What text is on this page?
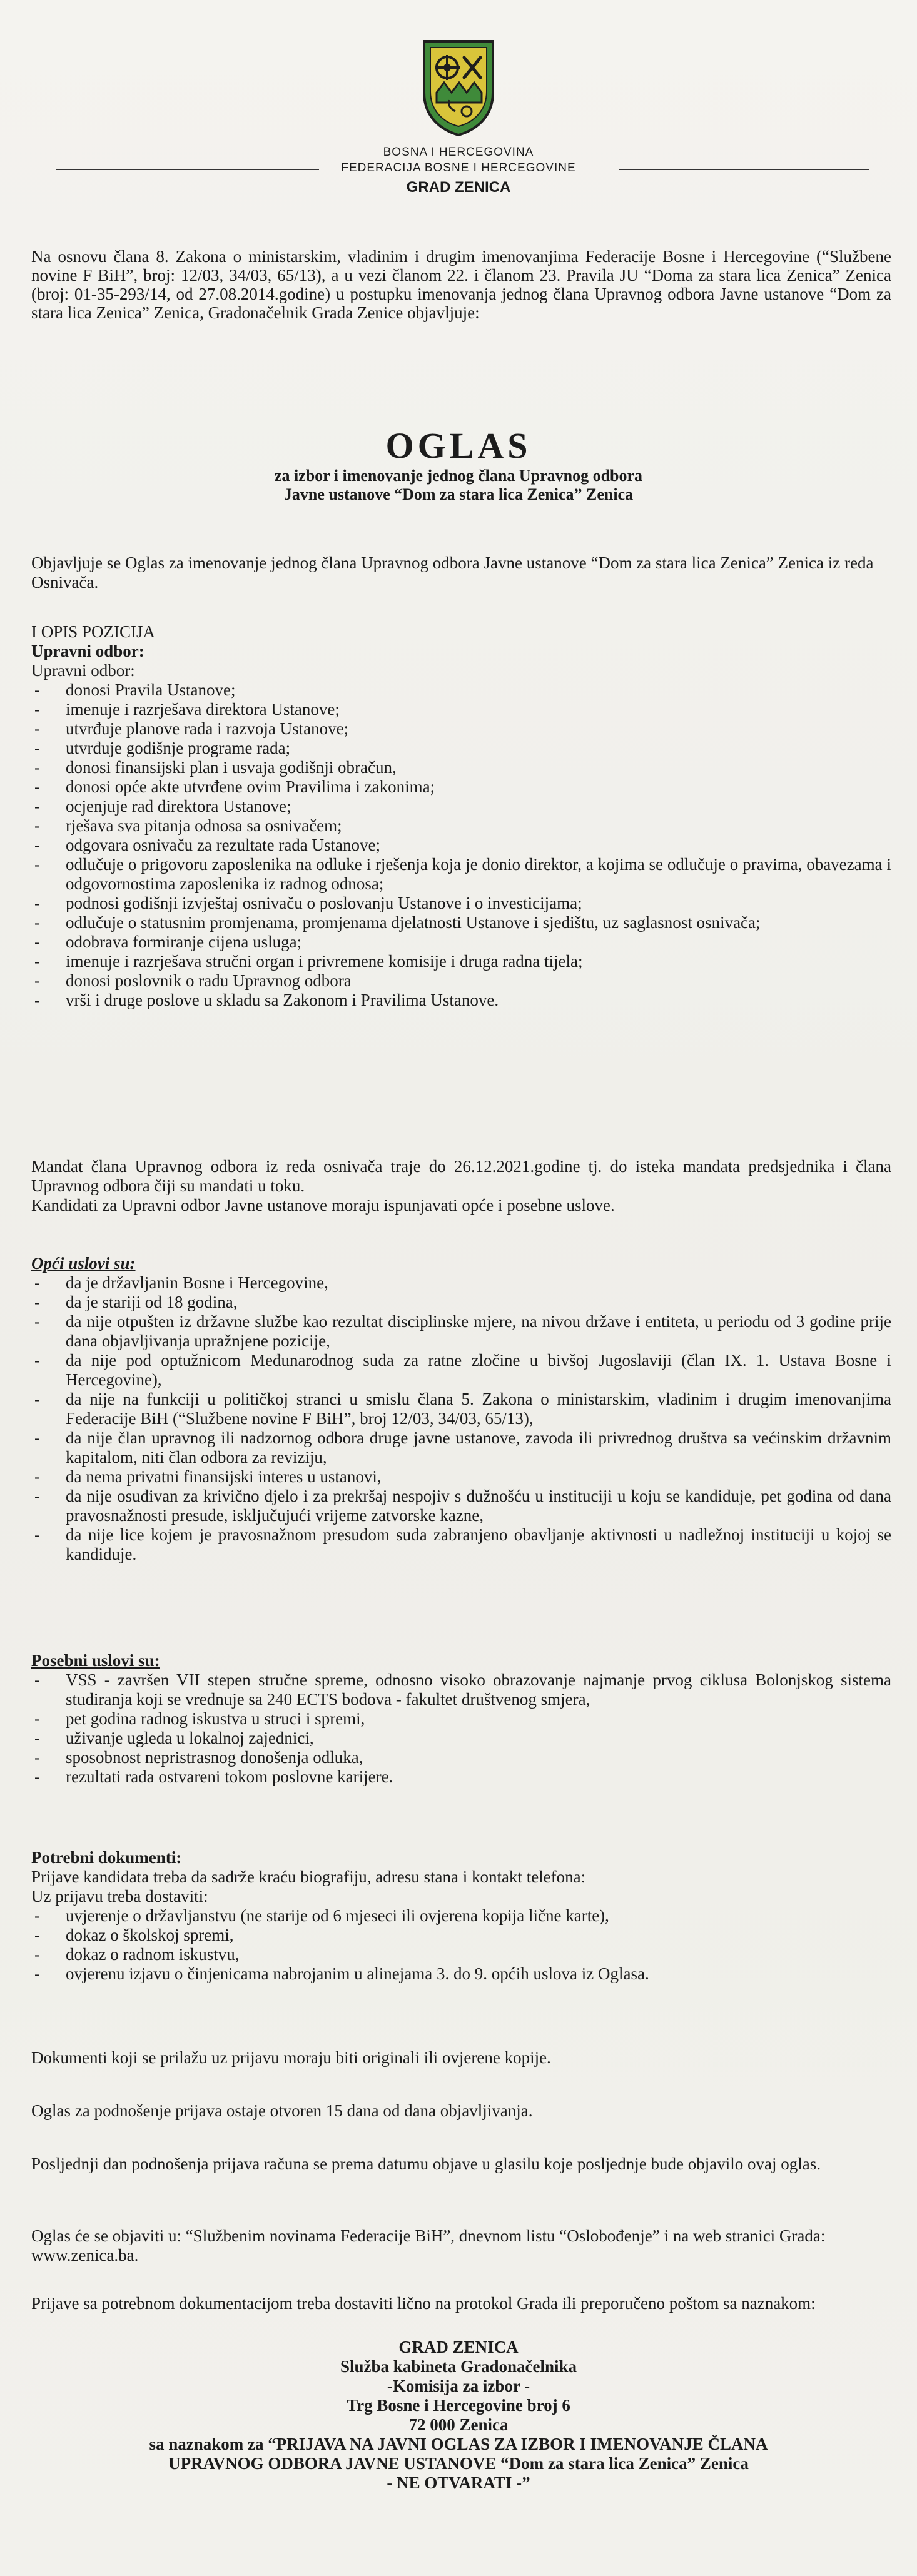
BOSNA I HERCEGOVINA
FEDERACIJA BOSNE I HERCEGOVINE
GRAD ZENICA

Na osnovu člana 8. Zakona o ministarskim, vladinim i drugim imenovanjima Federacije Bosne i Hercegovine (“Službene novine F BiH”, broj: 12/03, 34/03, 65/13), a u vezi članom 22. i članom 23. Pravila JU “Doma za stara lica Zenica” Zenica (broj: 01-35-293/14, od 27.08.2014.godine) u postupku imenovanja jednog člana Upravnog odbora Javne ustanove “Dom za stara lica Zenica” Zenica, Gradonačelnik Grada Zenice objavljuje:

OGLAS
za izbor i imenovanje jednog člana Upravnog odbora
Javne ustanove “Dom za stara lica Zenica” Zenica

Objavljuje se Oglas za imenovanje jednog člana Upravnog odbora Javne ustanove “Dom za stara lica Zenica” Zenica iz reda Osnivača.

I OPIS POZICIJA

Upravni odbor:

Upravni odbor:

- donosi Pravila Ustanove;
- imenuje i razrješava direktora Ustanove;
- utvrđuje planove rada i razvoja Ustanove;
- utvrđuje godišnje programe rada;
- donosi finansijski plan i usvaja godišnji obračun,
- donosi opće akte utvrđene ovim Pravilima i zakonima;
- ocjenjuje rad direktora Ustanove;
- rješava sva pitanja odnosa sa osnivačem;
- odgovara osnivaču za rezultate rada Ustanove;
- odlučuje o prigovoru zaposlenika na odluke i rješenja koja je donio direktor, a kojima se odlučuje o pravima, obavezama i odgovornostima zaposlenika iz radnog odnosa;
- podnosi godišnji izvještaj osnivaču o poslovanju Ustanove i o investicijama;
- odlučuje o statusnim promjenama, promjenama djelatnosti Ustanove i sjedištu, uz saglasnost osnivača;
- odobrava formiranje cijena usluga;
- imenuje i razrješava stručni organ i privremene komisije i druga radna tijela;
- donosi poslovnik o radu Upravnog odbora
- vrši i druge poslove u skladu sa Zakonom i Pravilima Ustanove.

Mandat člana Upravnog odbora iz reda osnivača traje do 26.12.2021.godine tj. do isteka mandata predsjednika i člana Upravnog odbora čiji su mandati u toku.

Kandidati za Upravni odbor Javne ustanove moraju ispunjavati opće i posebne uslove.

Opći uslovi su:

- da je državljanin Bosne i Hercegovine,
- da je stariji od 18 godina,
- da nije otpušten iz državne službe kao rezultat disciplinske mjere, na nivou države i entiteta, u periodu od 3 godine prije dana objavljivanja upražnjene pozicije,
- da nije pod optužnicom Međunarodnog suda za ratne zločine u bivšoj Jugoslaviji (član IX. 1. Ustava Bosne i Hercegovine),
- da nije na funkciji u političkoj stranci u smislu člana 5. Zakona o ministarskim, vladinim i drugim imenovanjima Federacije BiH (“Službene novine F BiH”, broj 12/03, 34/03, 65/13),
- da nije član upravnog ili nadzornog odbora druge javne ustanove, zavoda ili privrednog društva sa većinskim državnim kapitalom, niti član odbora za reviziju,
- da nema privatni finansijski interes u ustanovi,
- da nije osuđivan za krivično djelo i za prekršaj nespojiv s dužnošću u instituciji u koju se kandiduje, pet godina od dana pravosnažnosti presude, isključujući vrijeme zatvorske kazne,
- da nije lice kojem je pravosnažnom presudom suda zabranjeno obavljanje aktivnosti u nadležnoj instituciji u kojoj se kandiduje.

Posebni uslovi su:

- VSS - završen VII stepen stručne spreme, odnosno visoko obrazovanje najmanje prvog ciklusa Bolonjskog sistema studiranja koji se vrednuje sa 240 ECTS bodova - fakultet društvenog smjera,
- pet godina radnog iskustva u struci i spremi,
- uživanje ugleda u lokalnoj zajednici,
- sposobnost nepristrasnog donošenja odluka,
- rezultati rada ostvareni tokom poslovne karijere.

Potrebni dokumenti:

Prijave kandidata treba da sadrže kraću biografiju, adresu stana i kontakt telefona:

Uz prijavu treba dostaviti:

- uvjerenje o državljanstvu (ne starije od 6 mjeseci ili ovjerena kopija lične karte),
- dokaz o školskoj spremi,
- dokaz o radnom iskustvu,
- ovjerenu izjavu o činjenicama nabrojanim u alinejama 3. do 9. općih uslova iz Oglasa.

Dokumenti koji se prilažu uz prijavu moraju biti originali ili ovjerene kopije.

Oglas za podnošenje prijava ostaje otvoren 15 dana od dana objavljivanja.

Posljednji dan podnošenja prijava računa se prema datumu objave u glasilu koje posljednje bude objavilo ovaj oglas.

Oglas će se objaviti u: “Službenim novinama Federacije BiH”, dnevnom listu “Oslobođenje” i na web stranici Grada: www.zenica.ba.

Prijave sa potrebnom dokumentacijom treba dostaviti lično na protokol Grada ili preporučeno poštom sa naznakom:

GRAD ZENICA
Služba kabineta Gradonačelnika
-Komisija za izbor -
Trg Bosne i Hercegovine broj 6
72 000 Zenica
sa naznakom za “PRIJAVA NA JAVNI OGLAS ZA IZBOR I IMENOVANJE ČLANA
UPRAVNOG ODBORA JAVNE USTANOVE “Dom za stara lica Zenica” Zenica
- NE OTVARATI -”
